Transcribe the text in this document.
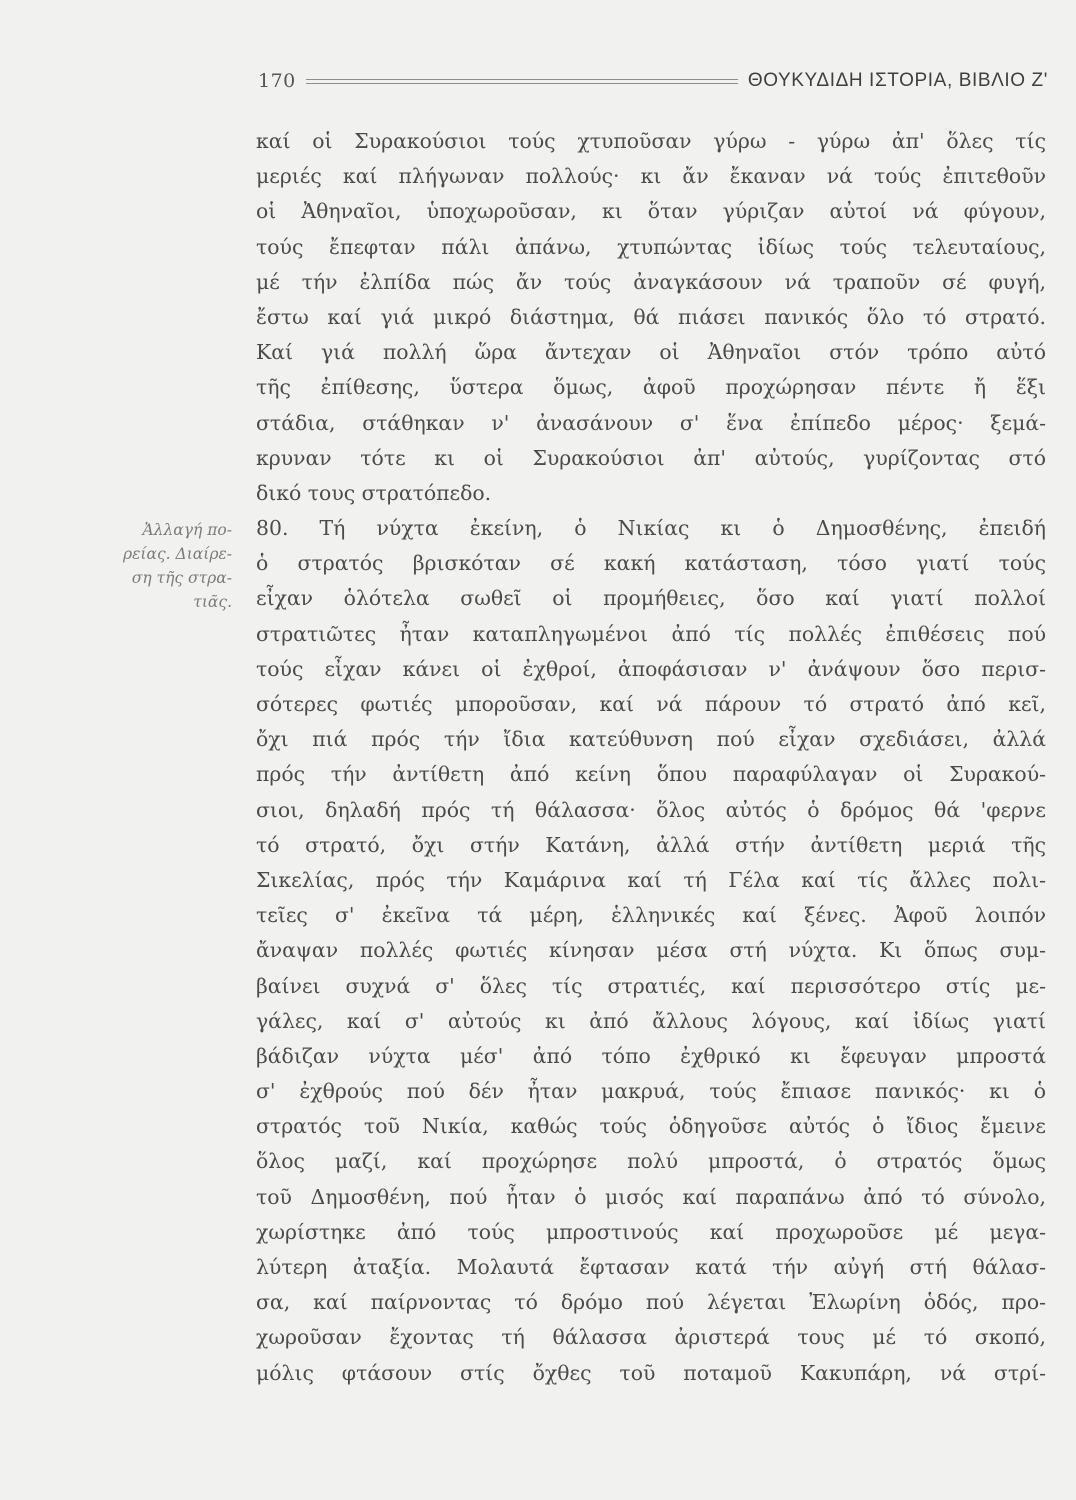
170	ΘΟΥΚΥΔΙΔΗ ΙΣΤΟΡΙΑ, ΒΙΒΛΙΟ Ζ'
Ἀλλαγή πο-
ρείας. Διαίρε-
ση τῆς στρα-
τιᾶς.
καί οἱ Συρακούσιοι τούς χτυποῦσαν γύρω - γύρω ἀπ' ὅλες τίς
μεριές καί πλήγωναν πολλούς· κι ἄν ἔκαναν νά τούς ἐπιτεθοῦν
οἱ Ἀθηναῖοι, ὑποχωροῦσαν, κι ὅταν γύριζαν αὐτοί νά φύγουν,
τούς ἔπεφταν πάλι ἀπάνω, χτυπώντας ἰδίως τούς τελευταίους,
μέ τήν ἐλπίδα πώς ἄν τούς ἀναγκάσουν νά τραποῦν σέ φυγή,
ἔστω καί γιά μικρό διάστημα, θά πιάσει πανικός ὅλο τό στρατό.
Καί γιά πολλή ὥρα ἄντεχαν οἱ Ἀθηναῖοι στόν τρόπο αὐτό
τῆς ἐπίθεσης, ὕστερα ὅμως, ἀφοῦ προχώρησαν πέντε ἤ ἕξι
στάδια, στάθηκαν ν' ἀνασάνουν σ' ἕνα ἐπίπεδο μέρος· ξεμά-
κρυναν τότε κι οἱ Συρακούσιοι ἀπ' αὐτούς, γυρίζοντας στό
δικό τους στρατόπεδο.
80. Τή νύχτα ἐκείνη, ὁ Νικίας κι ὁ Δημοσθένης, ἐπειδή
ὁ στρατός βρισκόταν σέ κακή κατάσταση, τόσο γιατί τούς
εἶχαν ὁλότελα σωθεῖ οἱ προμήθειες, ὅσο καί γιατί πολλοί
στρατιῶτες ἦταν καταπληγωμένοι ἀπό τίς πολλές ἐπιθέσεις πού
τούς εἶχαν κάνει οἱ ἐχθροί, ἀποφάσισαν ν' ἀνάψουν ὅσο περισ-
σότερες φωτιές μποροῦσαν, καί νά πάρουν τό στρατό ἀπό κεῖ,
ὄχι πιά πρός τήν ἴδια κατεύθυνση πού εἶχαν σχεδιάσει, ἀλλά
πρός τήν ἀντίθετη ἀπό κείνη ὅπου παραφύλαγαν οἱ Συρακού-
σιοι, δηλαδή πρός τή θάλασσα· ὅλος αὐτός ὁ δρόμος θά 'φερνε
τό στρατό, ὄχι στήν Κατάνη, ἀλλά στήν ἀντίθετη μεριά τῆς
Σικελίας, πρός τήν Καμάρινα καί τή Γέλα καί τίς ἄλλες πολι-
τεῖες σ' ἐκεῖνα τά μέρη, ἑλληνικές καί ξένες. Ἀφοῦ λοιπόν
ἄναψαν πολλές φωτιές κίνησαν μέσα στή νύχτα. Κι ὅπως συμ-
βαίνει συχνά σ' ὅλες τίς στρατιές, καί περισσότερο στίς με-
γάλες, καί σ' αὐτούς κι ἀπό ἄλλους λόγους, καί ἰδίως γιατί
βάδιζαν νύχτα μέσ' ἀπό τόπο ἐχθρικό κι ἔφευγαν μπροστά
σ' ἐχθρούς πού δέν ἦταν μακρυά, τούς ἔπιασε πανικός· κι ὁ
στρατός τοῦ Νικία, καθώς τούς ὁδηγοῦσε αὐτός ὁ ἴδιος ἔμεινε
ὅλος μαζί, καί προχώρησε πολύ μπροστά, ὁ στρατός ὅμως
τοῦ Δημοσθένη, πού ἦταν ὁ μισός καί παραπάνω ἀπό τό σύνολο,
χωρίστηκε ἀπό τούς μπροστινούς καί προχωροῦσε μέ μεγα-
λύτερη ἀταξία. Μολαυτά ἔφτασαν κατά τήν αὐγή στή θάλασ-
σα, καί παίρνοντας τό δρόμο πού λέγεται Ἐλωρίνη ὁδός, προ-
χωροῦσαν ἔχοντας τή θάλασσα ἀριστερά τους μέ τό σκοπό,
μόλις φτάσουν στίς ὄχθες τοῦ ποταμοῦ Κακυπάρη, νά στρί-
